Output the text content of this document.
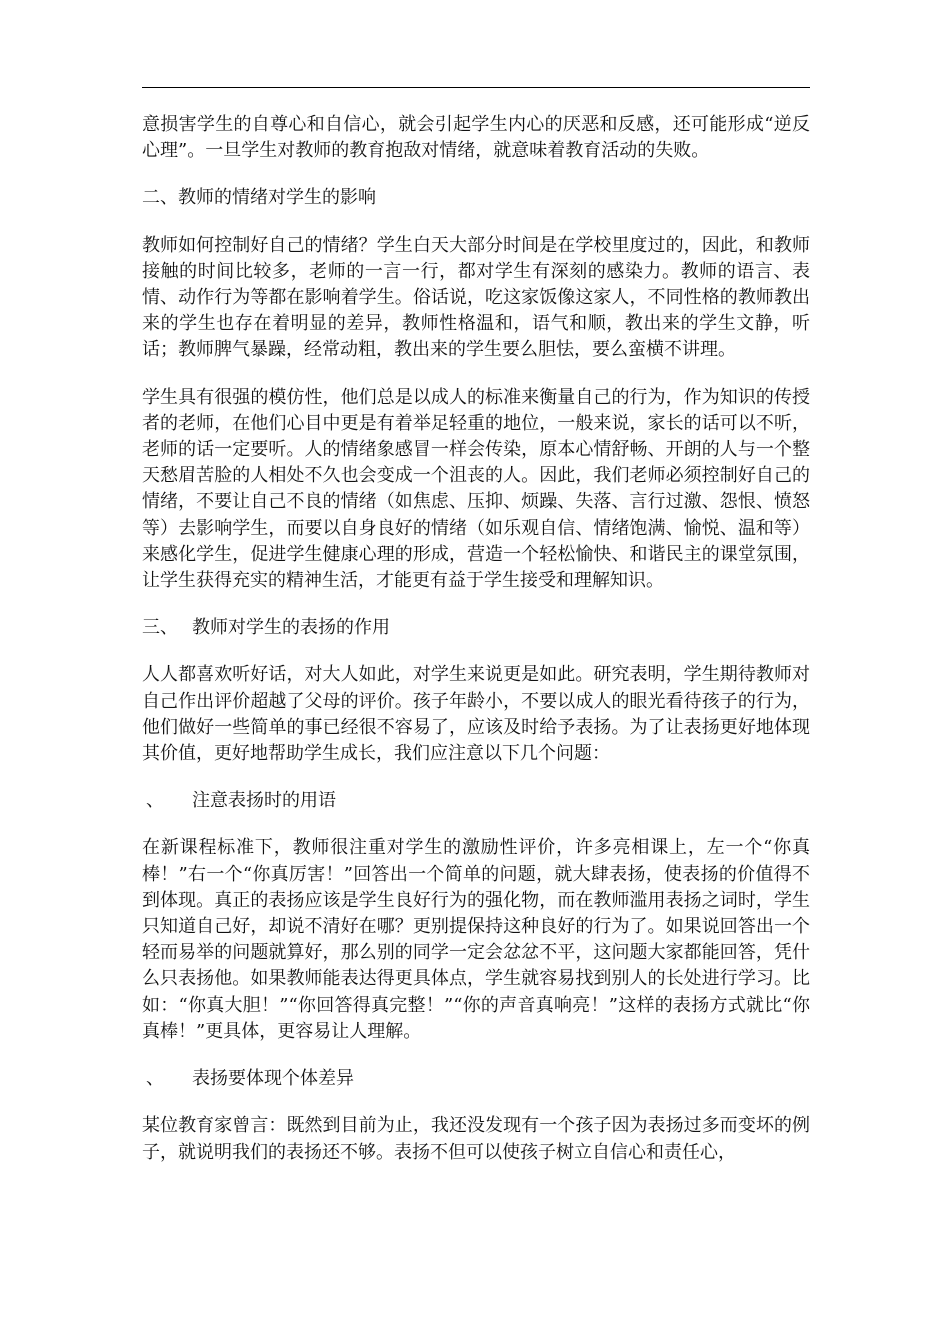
意损害学生的自尊心和自信心，就会引起学生内心的厌恶和反感，还可能形成“逆反心理”。一旦学生对教师的教育抱敌对情绪，就意味着教育活动的失败。

二、教师的情绪对学生的影响

教师如何控制好自己的情绪？学生白天大部分时间是在学校里度过的，因此，和教师接触的时间比较多，老师的一言一行，都对学生有深刻的感染力。教师的语言、表情、动作行为等都在影响着学生。俗话说，吃这家饭像这家人，不同性格的教师教出来的学生也存在着明显的差异，教师性格温和，语气和顺，教出来的学生文静，听话；教师脾气暴躁，经常动粗，教出来的学生要么胆怯，要么蛮横不讲理。

学生具有很强的模仿性，他们总是以成人的标准来衡量自己的行为，作为知识的传授者的老师，在他们心目中更是有着举足轻重的地位，一般来说，家长的话可以不听，老师的话一定要听。人的情绪象感冒一样会传染，原本心情舒畅、开朗的人与一个整天愁眉苦脸的人相处不久也会变成一个沮丧的人。因此，我们老师必须控制好自己的情绪，不要让自己不良的情绪（如焦虑、压抑、烦躁、失落、言行过激、怨恨、愤怒等）去影响学生，而要以自身良好的情绪（如乐观自信、情绪饱满、愉悦、温和等）来感化学生，促进学生健康心理的形成，营造一个轻松愉快、和谐民主的课堂氛围，让学生获得充实的精神生活，才能更有益于学生接受和理解知识。

三、 教师对学生的表扬的作用

人人都喜欢听好话，对大人如此，对学生来说更是如此。研究表明，学生期待教师对自己作出评价超越了父母的评价。孩子年龄小，不要以成人的眼光看待孩子的行为，他们做好一些简单的事已经很不容易了，应该及时给予表扬。为了让表扬更好地体现其价值，更好地帮助学生成长，我们应注意以下几个问题：

、 注意表扬时的用语

在新课程标准下，教师很注重对学生的激励性评价，许多亮相课上，左一个“你真棒！”右一个“你真厉害！”回答出一个简单的问题，就大肆表扬，使表扬的价值得不到体现。真正的表扬应该是学生良好行为的强化物，而在教师滥用表扬之词时，学生只知道自己好，却说不清好在哪？更别提保持这种良好的行为了。如果说回答出一个轻而易举的问题就算好，那么别的同学一定会忿忿不平，这问题大家都能回答，凭什么只表扬他。如果教师能表达得更具体点，学生就容易找到别人的长处进行学习。比如：“你真大胆！”“你回答得真完整！”“你的声音真响亮！”这样的表扬方式就比“你真棒！”更具体，更容易让人理解。

、 表扬要体现个体差异

某位教育家曾言：既然到目前为止，我还没发现有一个孩子因为表扬过多而变坏的例子，就说明我们的表扬还不够。表扬不但可以使孩子树立自信心和责任心，
